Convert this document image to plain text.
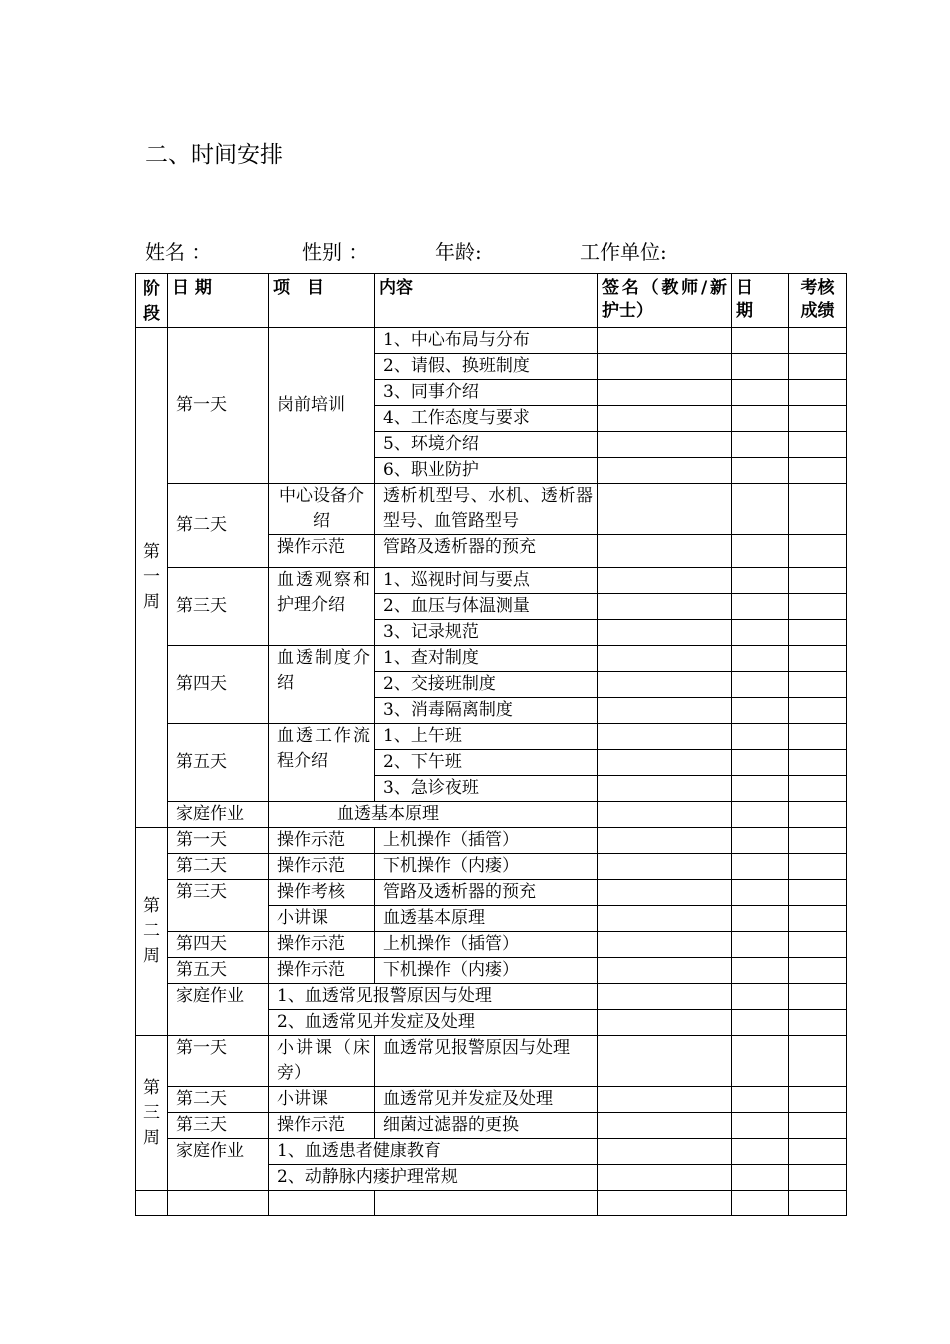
二、时间安排
姓名 ：	性别 ：	年龄:	工作单位:
阶段	日 期	项　目	内容	签名（教师/新护士）	日期	考核成绩

第一周	第一天	岗前培训	1、中心布局与分布			
			2、请假、换班制度			
			3、同事介绍			
			4、工作态度与要求			
			5、环境介绍			
			6、职业防护			
	第二天	中心设备介绍	透析机型号、水机、透析器型号、血管路型号			

		操作示范	管路及透析器的预充			
	第三天	血透观察和护理介绍	1、巡视时间与要点			
			2、血压与体温测量			
			3、记录规范			
	第四天	血透制度介绍	1、查对制度			
			2、交接班制度			
			3、消毒隔离制度			
	第五天	血透工作流程介绍	1、上午班			
			2、下午班			
			3、急诊夜班			
	家庭作业	血透基本原理				

第二周	第一天	操作示范	上机操作（插管）			
	第二天	操作示范	下机操作（内瘘）			
	第三天	操作考核	管路及透析器的预充			
		小讲课	血透基本原理			
	第四天	操作示范	上机操作（插管）			
	第五天	操作示范	下机操作（内瘘）			
	家庭作业	1、血透常见报警原因与处理				
		2、血透常见并发症及处理				

第三周	第一天	小讲课（床旁）	血透常见报警原因与处理			

	第二天	小讲课	血透常见并发症及处理			
	第三天	操作示范	细菌过滤器的更换			
	家庭作业	1、血透患者健康教育				
		2、动静脉内瘘护理常规				
